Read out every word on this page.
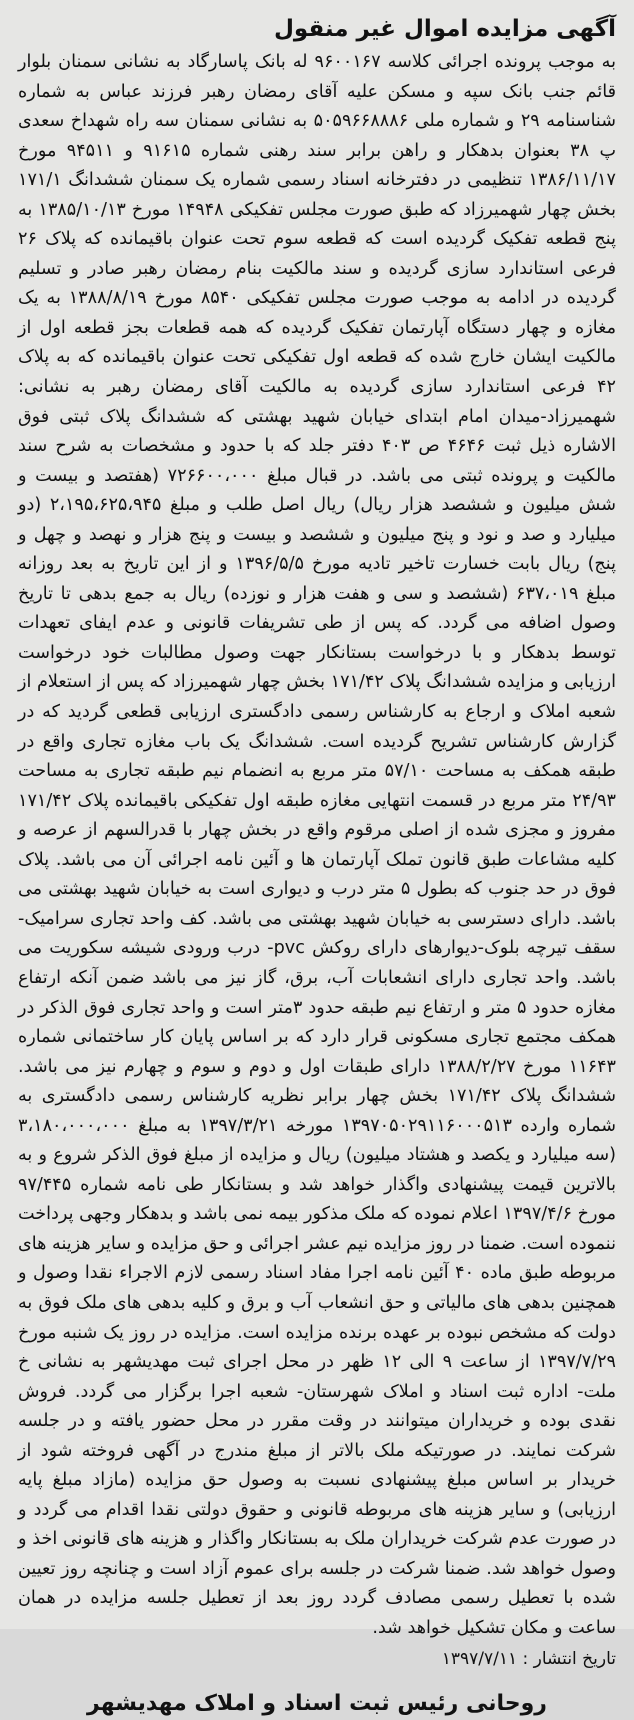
آگهی مزایده اموال غیر منقول

به موجب پرونده اجرائی کلاسه ۹۶۰۰۱۶۷ له بانک پاسارگاد به نشانی سمنان بلوار قائم جنب بانک سپه و مسکن علیه آقای رمضان رهبر فرزند عباس به شماره شناسنامه ۲۹ و شماره ملی ۵۰۵۹۶۶۸۸۸۶ به نشانی سمنان سه راه شهداخ سعدی پ ۳۸ بعنوان بدهکار و راهن برابر سند رهنی شماره ۹۱۶۱۵ و ۹۴۵۱۱ مورخ ۱۳۸۶/۱۱/۱۷ تنظیمی در دفترخانه اسناد رسمی شماره یک سمنان ششدانگ ۱۷۱/۱ بخش چهار شهمیرزاد که طبق صورت مجلس تفکیکی ۱۴۹۴۸ مورخ ۱۳۸۵/۱۰/۱۳ به پنج قطعه تفکیک گردیده است که قطعه سوم تحت عنوان باقیمانده که پلاک ۲۶ فرعی استاندارد سازی گردیده و سند مالکیت بنام رمضان رهبر صادر و تسلیم گردیده در ادامه به موجب صورت مجلس تفکیکی ۸۵۴۰ مورخ ۱۳۸۸/۸/۱۹ به یک مغازه و چهار دستگاه آپارتمان تفکیک گردیده که همه قطعات بجز قطعه اول از مالکیت ایشان خارج شده که قطعه اول تفکیکی تحت عنوان باقیمانده که به پلاک ۴۲ فرعی استاندارد سازی گردیده به مالکیت آقای رمضان رهبر به نشانی: شهمیرزاد-میدان امام ابتدای خیابان شهید بهشتی که ششدانگ پلاک ثبتی فوق الاشاره ذیل ثبت ۴۶۴۶ ص ۴۰۳ دفتر جلد که با حدود و مشخصات به شرح سند مالکیت و پرونده ثبتی می باشد. در قبال مبلغ ۷۲۶۶۰۰،۰۰۰ (هفتصد و بیست و شش میلیون و ششصد هزار ریال) ریال اصل طلب و مبلغ ۲،۱۹۵،۶۲۵،۹۴۵ (دو میلیارد و صد و نود و پنج میلیون و ششصد و بیست و پنج هزار و نهصد و چهل و پنج) ریال بابت خسارت تاخیر تادیه مورخ ۱۳۹۶/۵/۵ و از این تاریخ به بعد روزانه مبلغ ۶۳۷،۰۱۹ (ششصد و سی و هفت هزار و نوزده) ریال به جمع بدهی تا تاریخ وصول اضافه می گردد. که پس از طی تشریفات قانونی و عدم ایفای تعهدات توسط بدهکار و با درخواست بستانکار جهت وصول مطالبات خود درخواست ارزیابی و مزایده ششدانگ پلاک ۱۷۱/۴۲ بخش چهار شهمیرزاد که پس از استعلام از شعبه املاک و ارجاع به کارشناس رسمی دادگستری ارزیابی قطعی گردید که در گزارش کارشناس تشریح گردیده است. ششدانگ یک باب مغازه تجاری واقع در طبقه همکف به مساحت ۵۷/۱۰ متر مربع به انضمام نیم طبقه تجاری به مساحت ۲۴/۹۳ متر مربع در قسمت انتهایی مغازه طبقه اول تفکیکی باقیمانده پلاک ۱۷۱/۴۲ مفروز و مجزی شده از اصلی مرقوم واقع در بخش چهار با قدرالسهم از عرصه و کلیه مشاعات طبق قانون تملک آپارتمان ها و آئین نامه اجرائی آن می باشد. پلاک فوق در حد جنوب که بطول ۵ متر درب و دیواری است به خیابان شهید بهشتی می باشد. دارای دسترسی به خیابان شهید بهشتی می باشد. کف واحد تجاری سرامیک-سقف تیرچه بلوک-دیوارهای دارای روکش pvc- درب ورودی شیشه سکوریت می باشد. واحد تجاری دارای انشعابات آب، برق، گاز نیز می باشد ضمن آنکه ارتفاع مغازه حدود ۵ متر و ارتفاع نیم طبقه حدود ۳متر است و واحد تجاری فوق الذکر در همکف مجتمع تجاری مسکونی قرار دارد که بر اساس پایان کار ساختمانی شماره ۱۱۶۴۳ مورخ ۱۳۸۸/۲/۲۷ دارای طبقات اول و دوم و سوم و چهارم نیز می باشد. ششدانگ پلاک ۱۷۱/۴۲ بخش چهار برابر نظریه کارشناس رسمی دادگستری به شماره وارده ۱۳۹۷۰۵۰۲۹۱۱۶۰۰۰۵۱۳ مورخه ۱۳۹۷/۳/۲۱ به مبلغ ۳،۱۸۰،۰۰۰،۰۰۰ (سه میلیارد و یکصد و هشتاد میلیون) ریال و مزایده از مبلغ فوق الذکر شروع و به بالاترین قیمت پیشنهادی واگذار خواهد شد و بستانکار طی نامه شماره ۹۷/۴۴۵ مورخ ۱۳۹۷/۴/۶ اعلام نموده که ملک مذکور بیمه نمی باشد و بدهکار وجهی پرداخت ننموده است. ضمنا در روز مزایده نیم عشر اجرائی و حق مزایده و سایر هزینه های مربوطه طبق ماده ۴۰ آئین نامه اجرا مفاد اسناد رسمی لازم الاجراء نقدا وصول و همچنین بدهی های مالیاتی و حق انشعاب آب و برق و کلیه بدهی های ملک فوق به دولت که مشخص نبوده بر عهده برنده مزایده است. مزایده در روز یک شنبه مورخ ۱۳۹۷/۷/۲۹ از ساعت ۹ الی ۱۲ ظهر در محل اجرای ثبت مهدیشهر به نشانی خ ملت- اداره ثبت اسناد و املاک شهرستان- شعبه اجرا برگزار می گردد. فروش نقدی بوده و خریداران میتوانند در وقت مقرر در محل حضور یافته و در جلسه شرکت نمایند. در صورتیکه ملک بالاتر از مبلغ مندرج در آگهی فروخته شود از خریدار بر اساس مبلغ پیشنهادی نسبت به وصول حق مزایده (مازاد مبلغ پایه ارزیابی) و سایر هزینه های مربوطه قانونی و حقوق دولتی نقدا اقدام می گردد و در صورت عدم شرکت خریداران ملک به بستانکار واگذار و هزینه های قانونی اخذ و وصول خواهد شد. ضمنا شرکت در جلسه برای عموم آزاد است و چنانچه روز تعیین شده با تعطیل رسمی مصادف گردد روز بعد از تعطیل جلسه مزایده در همان ساعت و مکان تشکیل خواهد شد.

تاریخ انتشار : ۱۳۹۷/۷/۱۱

روحانی رئیس ثبت اسناد و املاک مهدیشهر
